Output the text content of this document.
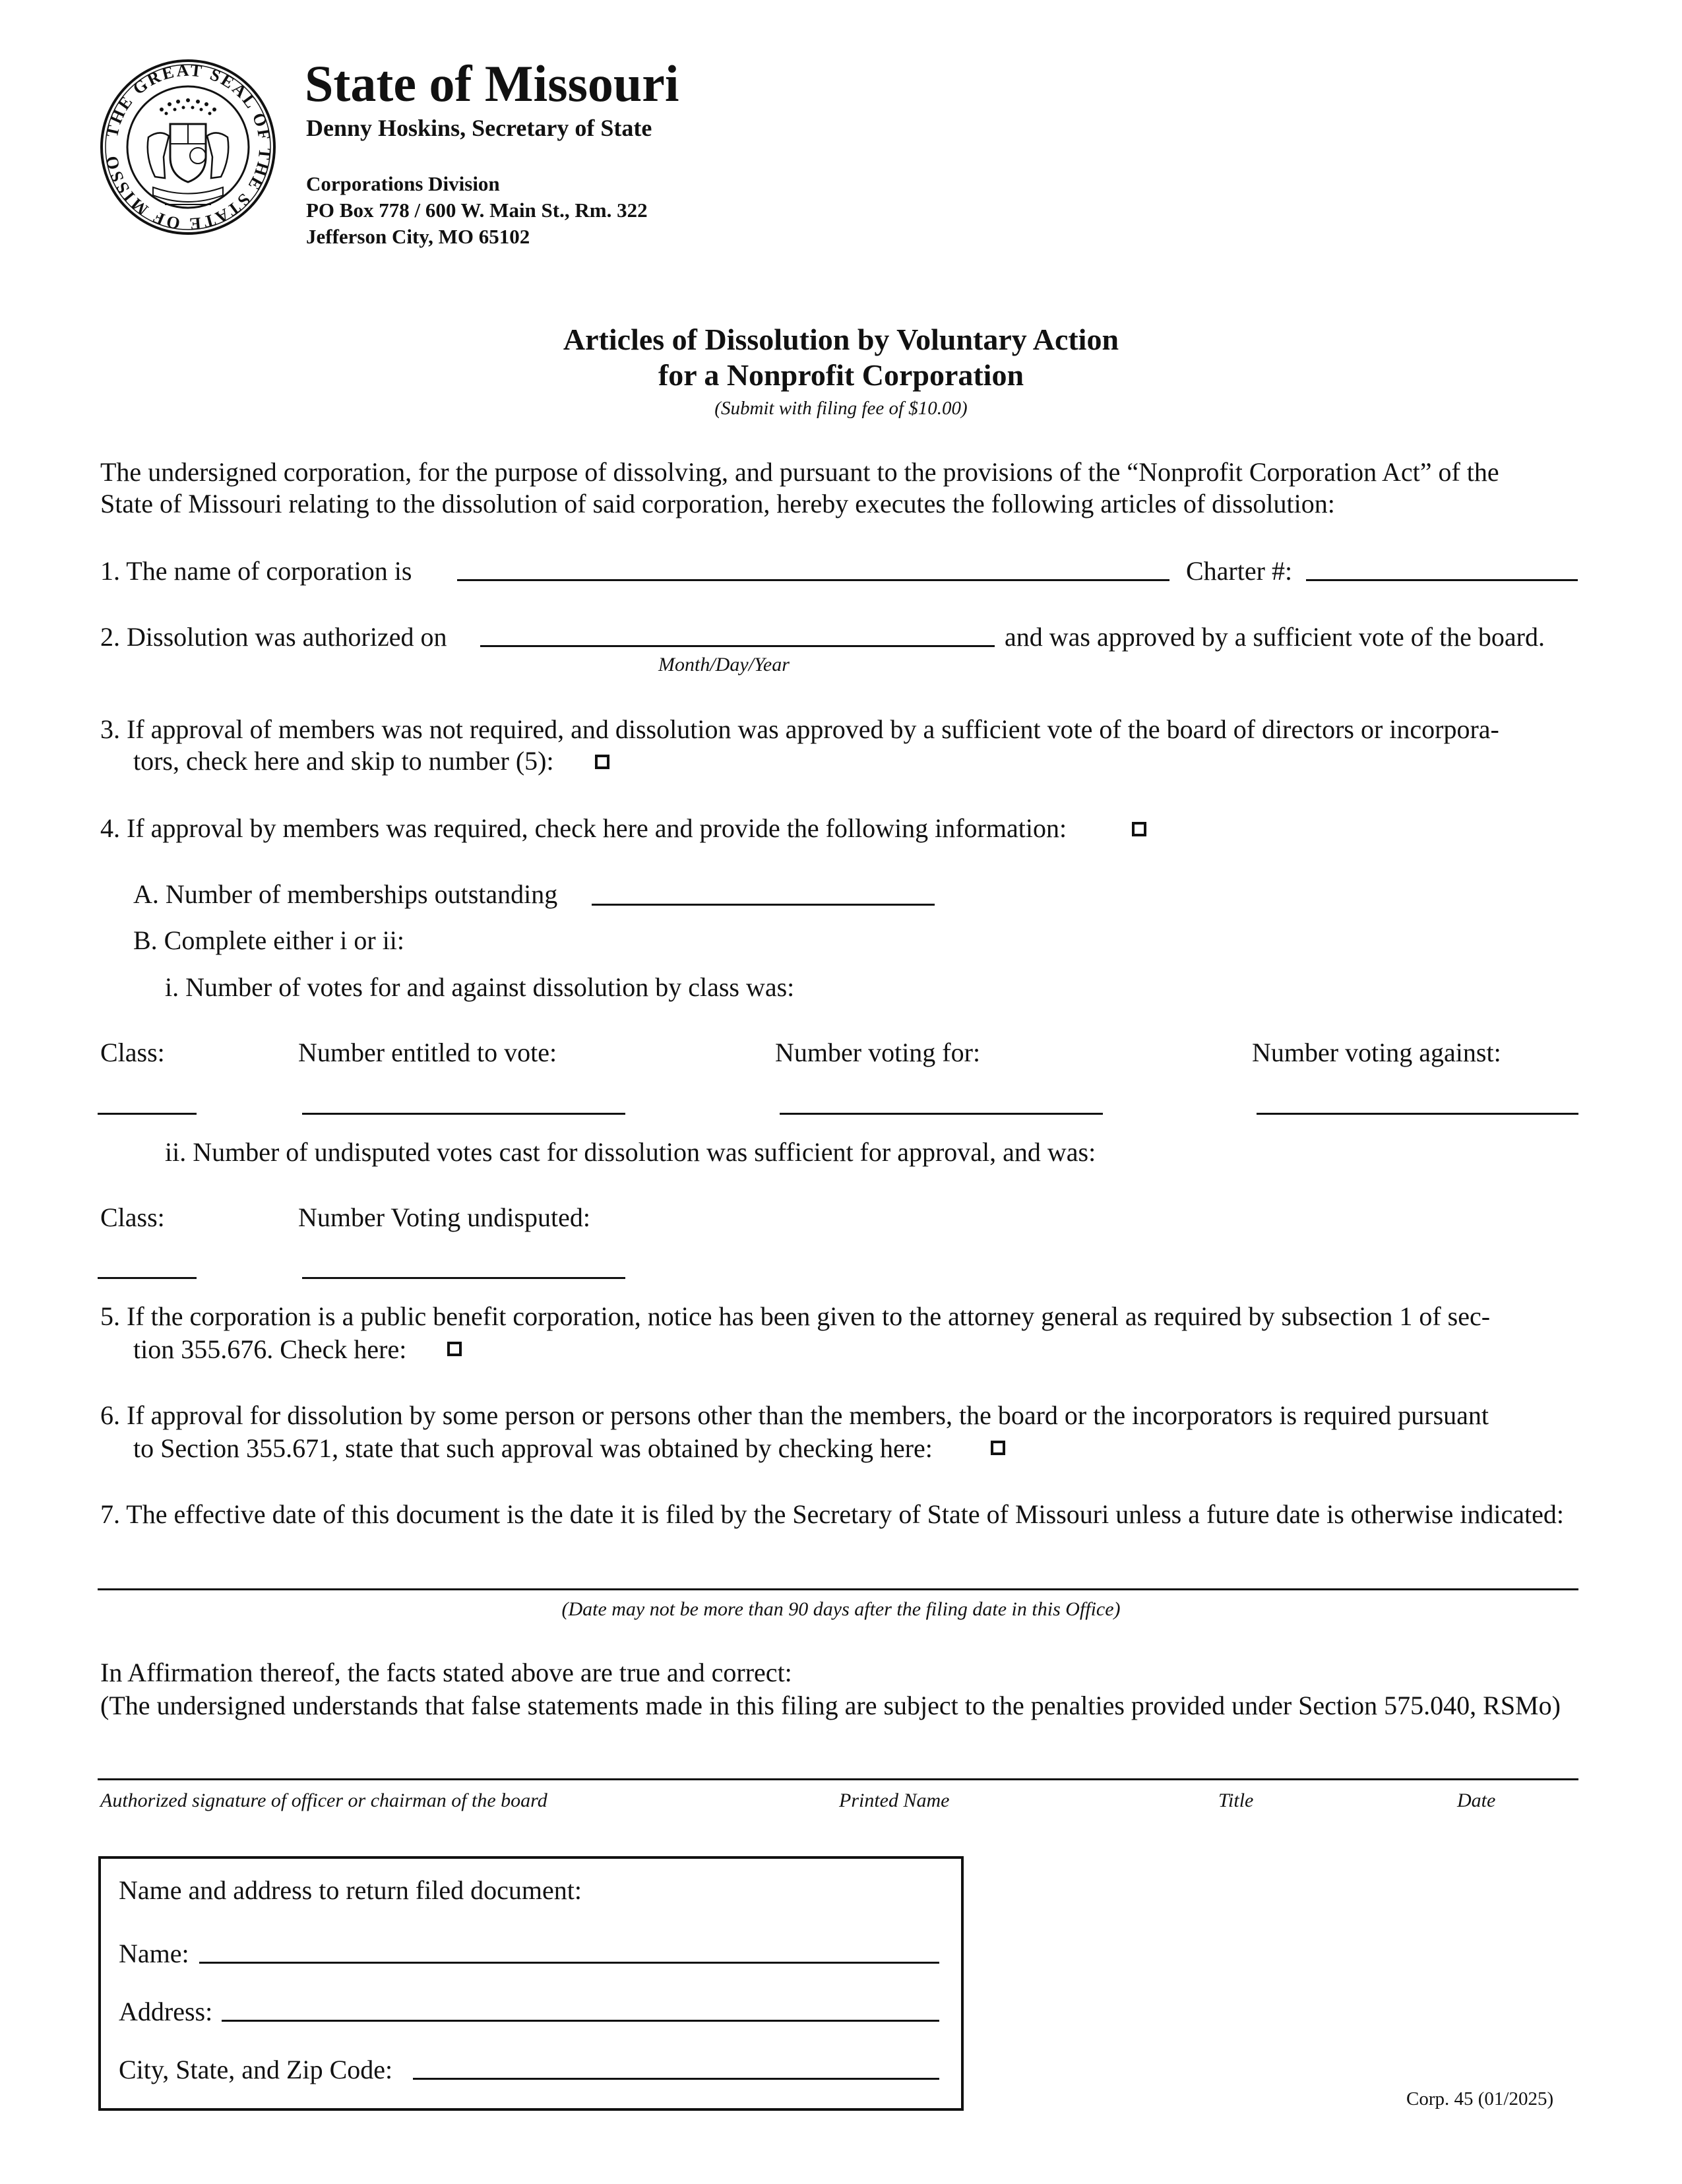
THE GREAT SEAL OF THE STATE OF MISSO
State of Missouri
Denny Hoskins, Secretary of State
Corporations Division
PO Box 778 / 600 W. Main St., Rm. 322
Jefferson City, MO 65102
Articles of Dissolution by Voluntary Action
for a Nonprofit Corporation
(Submit with filing fee of $10.00)
The undersigned corporation, for the purpose of dissolving, and pursuant to the provisions of the “Nonprofit Corporation Act” of the
State of Missouri relating to the dissolution of said corporation, hereby executes the following articles of dissolution:
1. The name of corporation is	Charter #:
2. Dissolution was authorized on	and was approved by a sufficient vote of the board.
Month/Day/Year
3. If approval of members was not required, and dissolution was approved by a sufficient vote of the board of directors or incorpora-
tors, check here and skip to number (5):
4. If approval by members was required, check here and provide the following information:
A. Number of memberships outstanding
B. Complete either i or ii:
i. Number of votes for and against dissolution by class was:
Class:	Number entitled to vote:	Number voting for:	Number voting against:
ii. Number of undisputed votes cast for dissolution was sufficient for approval, and was:
Class:	Number Voting undisputed:
5. If the corporation is a public benefit corporation, notice has been given to the attorney general as required by subsection 1 of sec-
tion 355.676. Check here:
6. If approval for dissolution by some person or persons other than the members, the board or the incorporators is required pursuant
to Section 355.671, state that such approval was obtained by checking here:
7. The effective date of this document is the date it is filed by the Secretary of State of Missouri unless a future date is otherwise indicated:
(Date may not be more than 90 days after the filing date in this Office)
In Affirmation thereof, the facts stated above are true and correct:
(The undersigned understands that false statements made in this filing are subject to the penalties provided under Section 575.040, RSMo)
Authorized signature of officer or chairman of the board	Printed Name	Title	Date
Name and address to return filed document:
Name:
Address:
City, State, and Zip Code:
Corp. 45 (01/2025)
